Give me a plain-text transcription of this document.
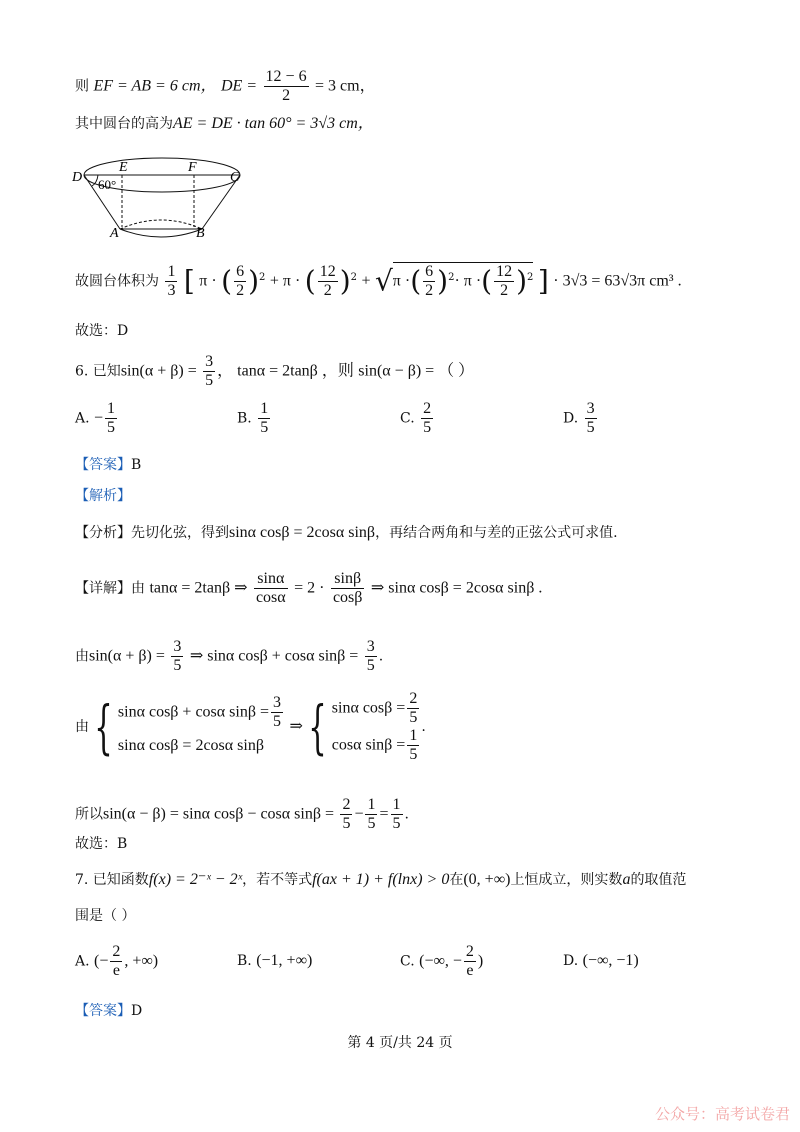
则 EF = AB = 6 cm， DE = $\frac{12 - 6}{2} = 3$ cm，
其中圆台的高为AE = DE · tan 60° = 3√3 cm，
D
E	F
C
A	B
60°
故圆台体积为 $\frac{1}{3}$ [ π · ( $\frac{6}{2} )^2 + \pi$ · ( $\frac{12}{2} )^2 + √\pi$ ·( $\frac{6}{2} )^2\cdot \pi$ ·( $\frac{12}{2} )^2$ ] · 3√3 = 63√3π cm³ .
故选：D
6. 已知$\sin(\alpha + \beta) = \frac{3}{5}$ ， tanα = 2tanβ ，则 sin(α − β) = （ ）
A. − $\frac{1}{5}$	B. $\frac{1}{5}$	C. $\frac{2}{5}$	D. $\frac{3}{5}$
【答案】B
【解析】
【分析】先切化弦，得到sinα cosβ = 2cosα sinβ，再结合两角和与差的正弦公式可求值.
【详解】由 tanα = 2tanβ ⇒ $\frac{\sin\alpha}{\cos\alpha} = 2 \cdot \frac{\sin\beta}{\cos\beta}$ ⇒ sinα cosβ = 2cosα sinβ .
由$\sin(\alpha + \beta) = \frac{3}{5}$ ⇒ sinα cosβ + cosα $\sin\beta = \frac{3}{5}$ .
由{ sinα cosβ + cosα $\sin\beta = \frac{3}{5}$
sinα cosβ = 2cosα sinβ
⇒{ sinα $\cos\beta = \frac{2}{5}$
cosα $\sin\beta = \frac{1}{5}$ .
所以sin(α − β) = sinα cosβ − cosα $\sin\beta = \frac{2}{5} - \frac{1}{5} = \frac{1}{5}$ .
故选：B
7. 已知函数f(x) = 2⁻ˣ − 2ˣ，若不等式f(ax + 1) + f(lnx) > 0在(0, +∞)上恒成立，则实数a的取值范
围是（ ）
A. (− $\frac{2}{e}$ , +∞)	B. (−1, +∞)	C. (−∞, − $\frac{2}{e}$ )	D. (−∞, −1)
【答案】D
第 4 页/共 24 页
公众号：高考试卷君
